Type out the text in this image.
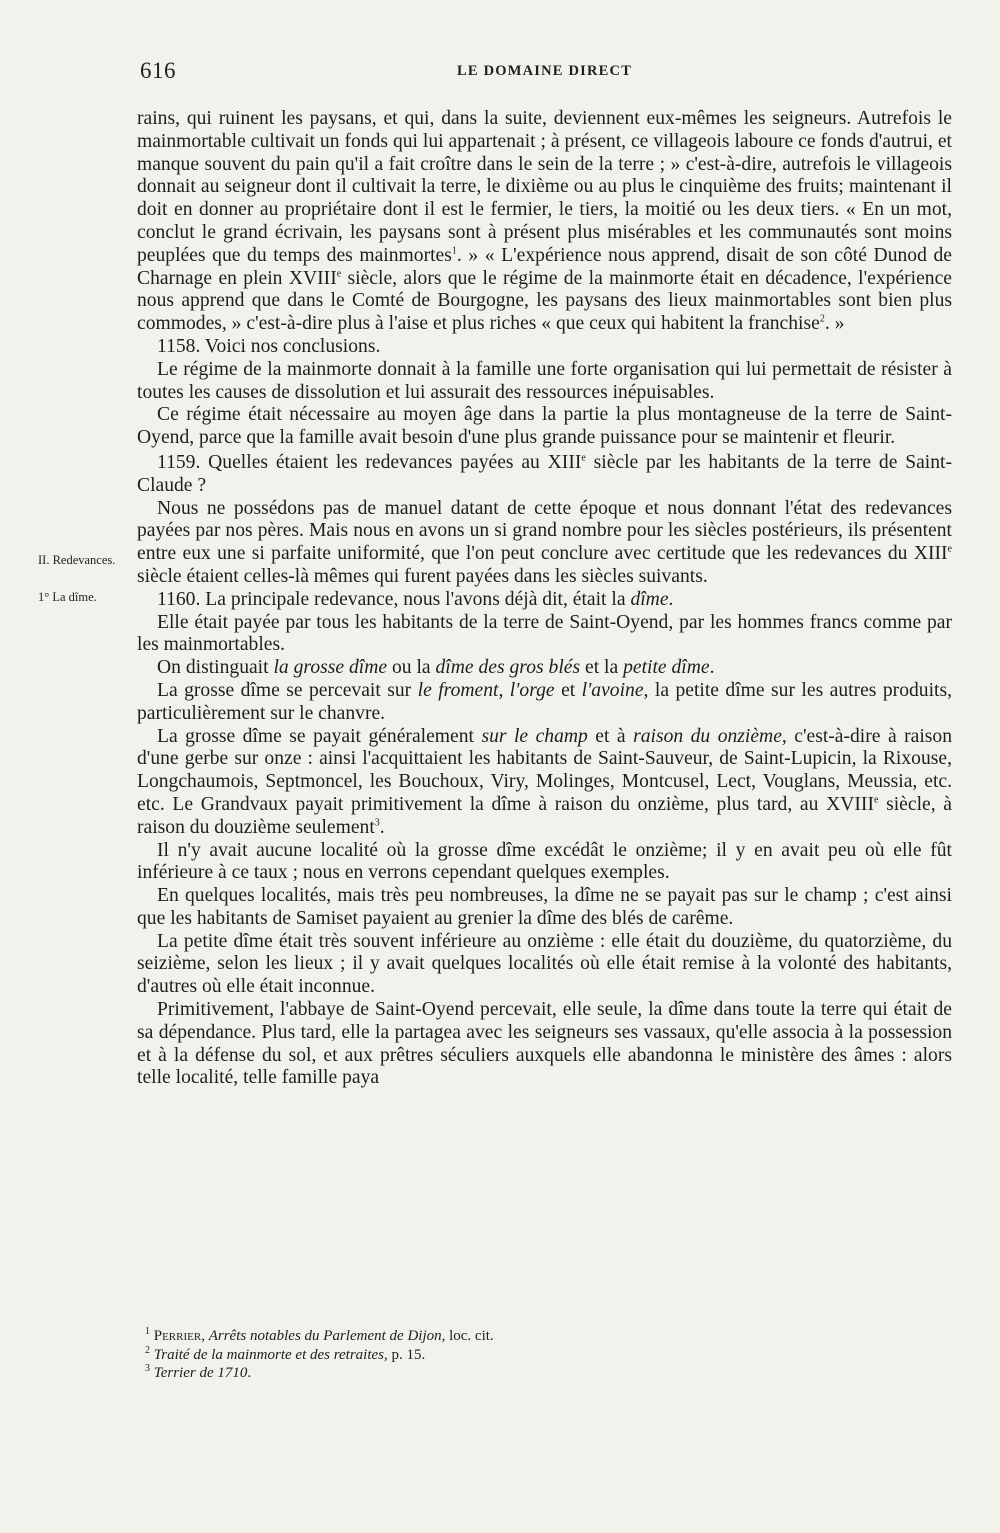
616	LE DOMAINE DIRECT
II. Redevances.
1° La dîme.

rains, qui ruinent les paysans, et qui, dans la suite, deviennent eux-mêmes les seigneurs. Autrefois le mainmortable cultivait un fonds qui lui appartenait ; à présent, ce villageois laboure ce fonds d'autrui, et manque souvent du pain qu'il a fait croître dans le sein de la terre ; » c'est-à-dire, autrefois le villageois donnait au seigneur dont il cultivait la terre, le dixième ou au plus le cinquième des fruits; maintenant il doit en donner au propriétaire dont il est le fermier, le tiers, la moitié ou les deux tiers. « En un mot, conclut le grand écrivain, les paysans sont à présent plus misérables et les communautés sont moins peuplées que du temps des mainmortes$^1$. » « L'expérience nous apprend, disait de son côté Dunod de Charnage en plein XVIIIe siècle, alors que le régime de la mainmorte était en décadence, l'expérience nous apprend que dans le Comté de Bourgogne, les paysans des lieux mainmortables sont bien plus commodes, » c'est-à-dire plus à l'aise et plus riches « que ceux qui habitent la franchise$^2$. »

1158. Voici nos conclusions.

Le régime de la mainmorte donnait à la famille une forte organisation qui lui permettait de résister à toutes les causes de dissolution et lui assurait des ressources inépuisables.

Ce régime était nécessaire au moyen âge dans la partie la plus montagneuse de la terre de Saint-Oyend, parce que la famille avait besoin d'une plus grande puissance pour se maintenir et fleurir.

1159. Quelles étaient les redevances payées au XIIIe siècle par les habitants de la terre de Saint-Claude ?

Nous ne possédons pas de manuel datant de cette époque et nous donnant l'état des redevances payées par nos pères. Mais nous en avons un si grand nombre pour les siècles postérieurs, ils présentent entre eux une si parfaite uniformité, que l'on peut conclure avec certitude que les redevances du XIIIe siècle étaient celles-là mêmes qui furent payées dans les siècles suivants.

1160. La principale redevance, nous l'avons déjà dit, était la dîme.

Elle était payée par tous les habitants de la terre de Saint-Oyend, par les hommes francs comme par les mainmortables.

On distinguait la grosse dîme ou la dîme des gros blés et la petite dîme.

La grosse dîme se percevait sur le froment, l'orge et l'avoine, la petite dîme sur les autres produits, particulièrement sur le chanvre.

La grosse dîme se payait généralement sur le champ et à raison du onzième, c'est-à-dire à raison d'une gerbe sur onze : ainsi l'acquittaient les habitants de Saint-Sauveur, de Saint-Lupicin, la Rixouse, Longchaumois, Septmoncel, les Bouchoux, Viry, Molinges, Montcusel, Lect, Vouglans, Meussia, etc. etc. Le Grandvaux payait primitivement la dîme à raison du onzième, plus tard, au XVIIIe siècle, à raison du douzième seulement$^3$.

Il n'y avait aucune localité où la grosse dîme excédât le onzième; il y en avait peu où elle fût inférieure à ce taux ; nous en verrons cependant quelques exemples.

En quelques localités, mais très peu nombreuses, la dîme ne se payait pas sur le champ ; c'est ainsi que les habitants de Samiset payaient au grenier la dîme des blés de carême.

La petite dîme était très souvent inférieure au onzième : elle était du douzième, du quatorzième, du seizième, selon les lieux ; il y avait quelques localités où elle était remise à la volonté des habitants, d'autres où elle était inconnue.

Primitivement, l'abbaye de Saint-Oyend percevait, elle seule, la dîme dans toute la terre qui était de sa dépendance. Plus tard, elle la partagea avec les seigneurs ses vassaux, qu'elle associa à la possession et à la défense du sol, et aux prêtres séculiers auxquels elle abandonna le ministère des âmes : alors telle localité, telle famille paya

$^1$ Perrier, Arrêts notables du Parlement de Dijon, loc. cit.
$^2$ Traité de la mainmorte et des retraites, p. 15.
$^3$ Terrier de 1710.
